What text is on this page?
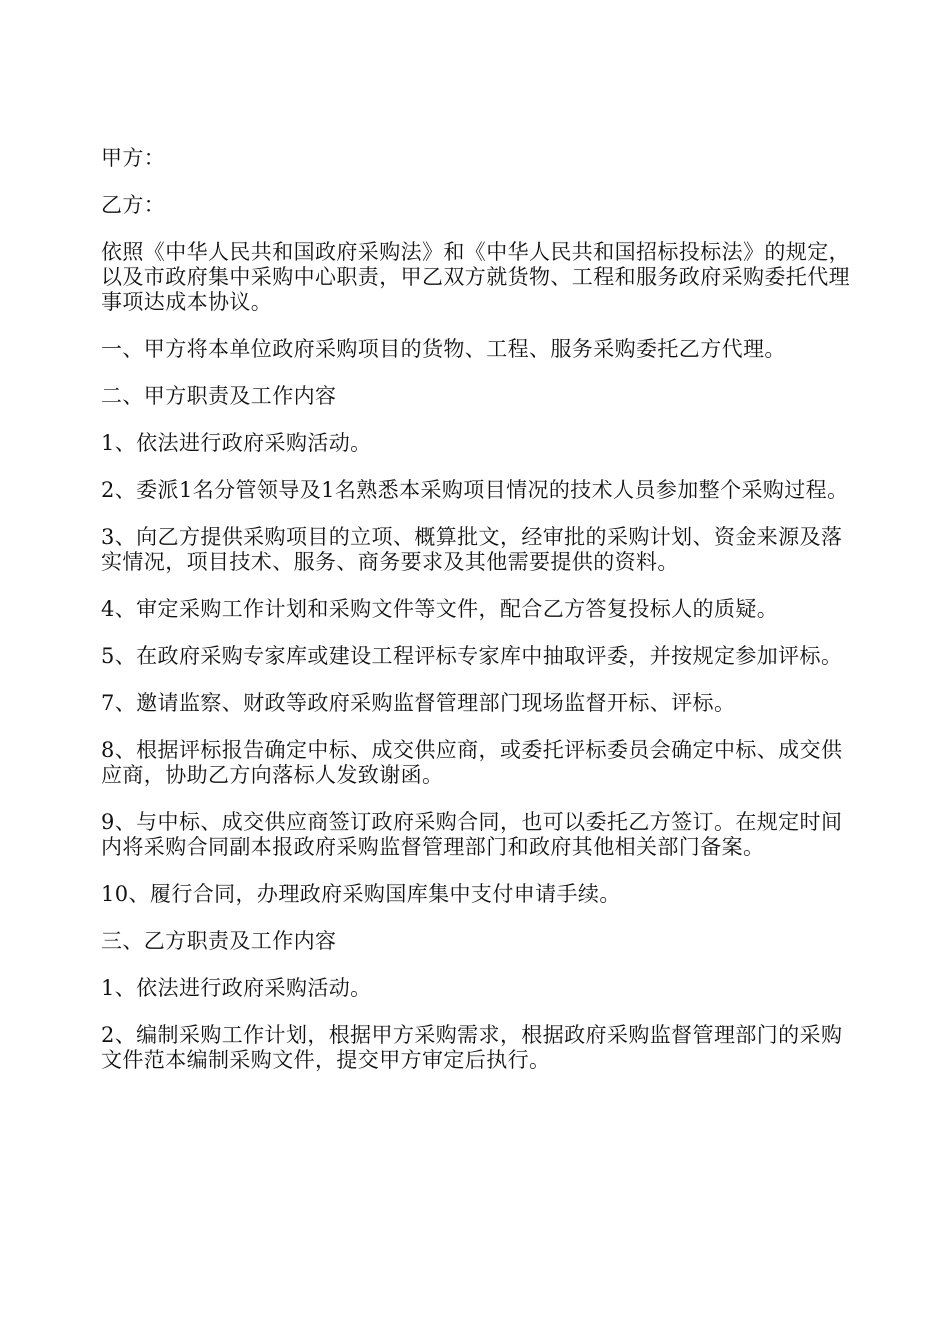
甲方：

乙方：

依照《中华人民共和国政府采购法》和《中华人民共和国招标投标法》的规定，以及市政府集中采购中心职责，甲乙双方就货物、工程和服务政府采购委托代理事项达成本协议。

一、甲方将本单位政府采购项目的货物、工程、服务采购委托乙方代理。

二、甲方职责及工作内容

1、依法进行政府采购活动。

2、委派1名分管领导及1名熟悉本采购项目情况的技术人员参加整个采购过程。

3、向乙方提供采购项目的立项、概算批文，经审批的采购计划、资金来源及落实情况，项目技术、服务、商务要求及其他需要提供的资料。

4、审定采购工作计划和采购文件等文件，配合乙方答复投标人的质疑。

5、在政府采购专家库或建设工程评标专家库中抽取评委，并按规定参加评标。

7、邀请监察、财政等政府采购监督管理部门现场监督开标、评标。

8、根据评标报告确定中标、成交供应商，或委托评标委员会确定中标、成交供应商，协助乙方向落标人发致谢函。

9、与中标、成交供应商签订政府采购合同，也可以委托乙方签订。在规定时间内将采购合同副本报政府采购监督管理部门和政府其他相关部门备案。

10、履行合同，办理政府采购国库集中支付申请手续。

三、乙方职责及工作内容

1、依法进行政府采购活动。

2、编制采购工作计划，根据甲方采购需求，根据政府采购监督管理部门的采购文件范本编制采购文件，提交甲方审定后执行。
